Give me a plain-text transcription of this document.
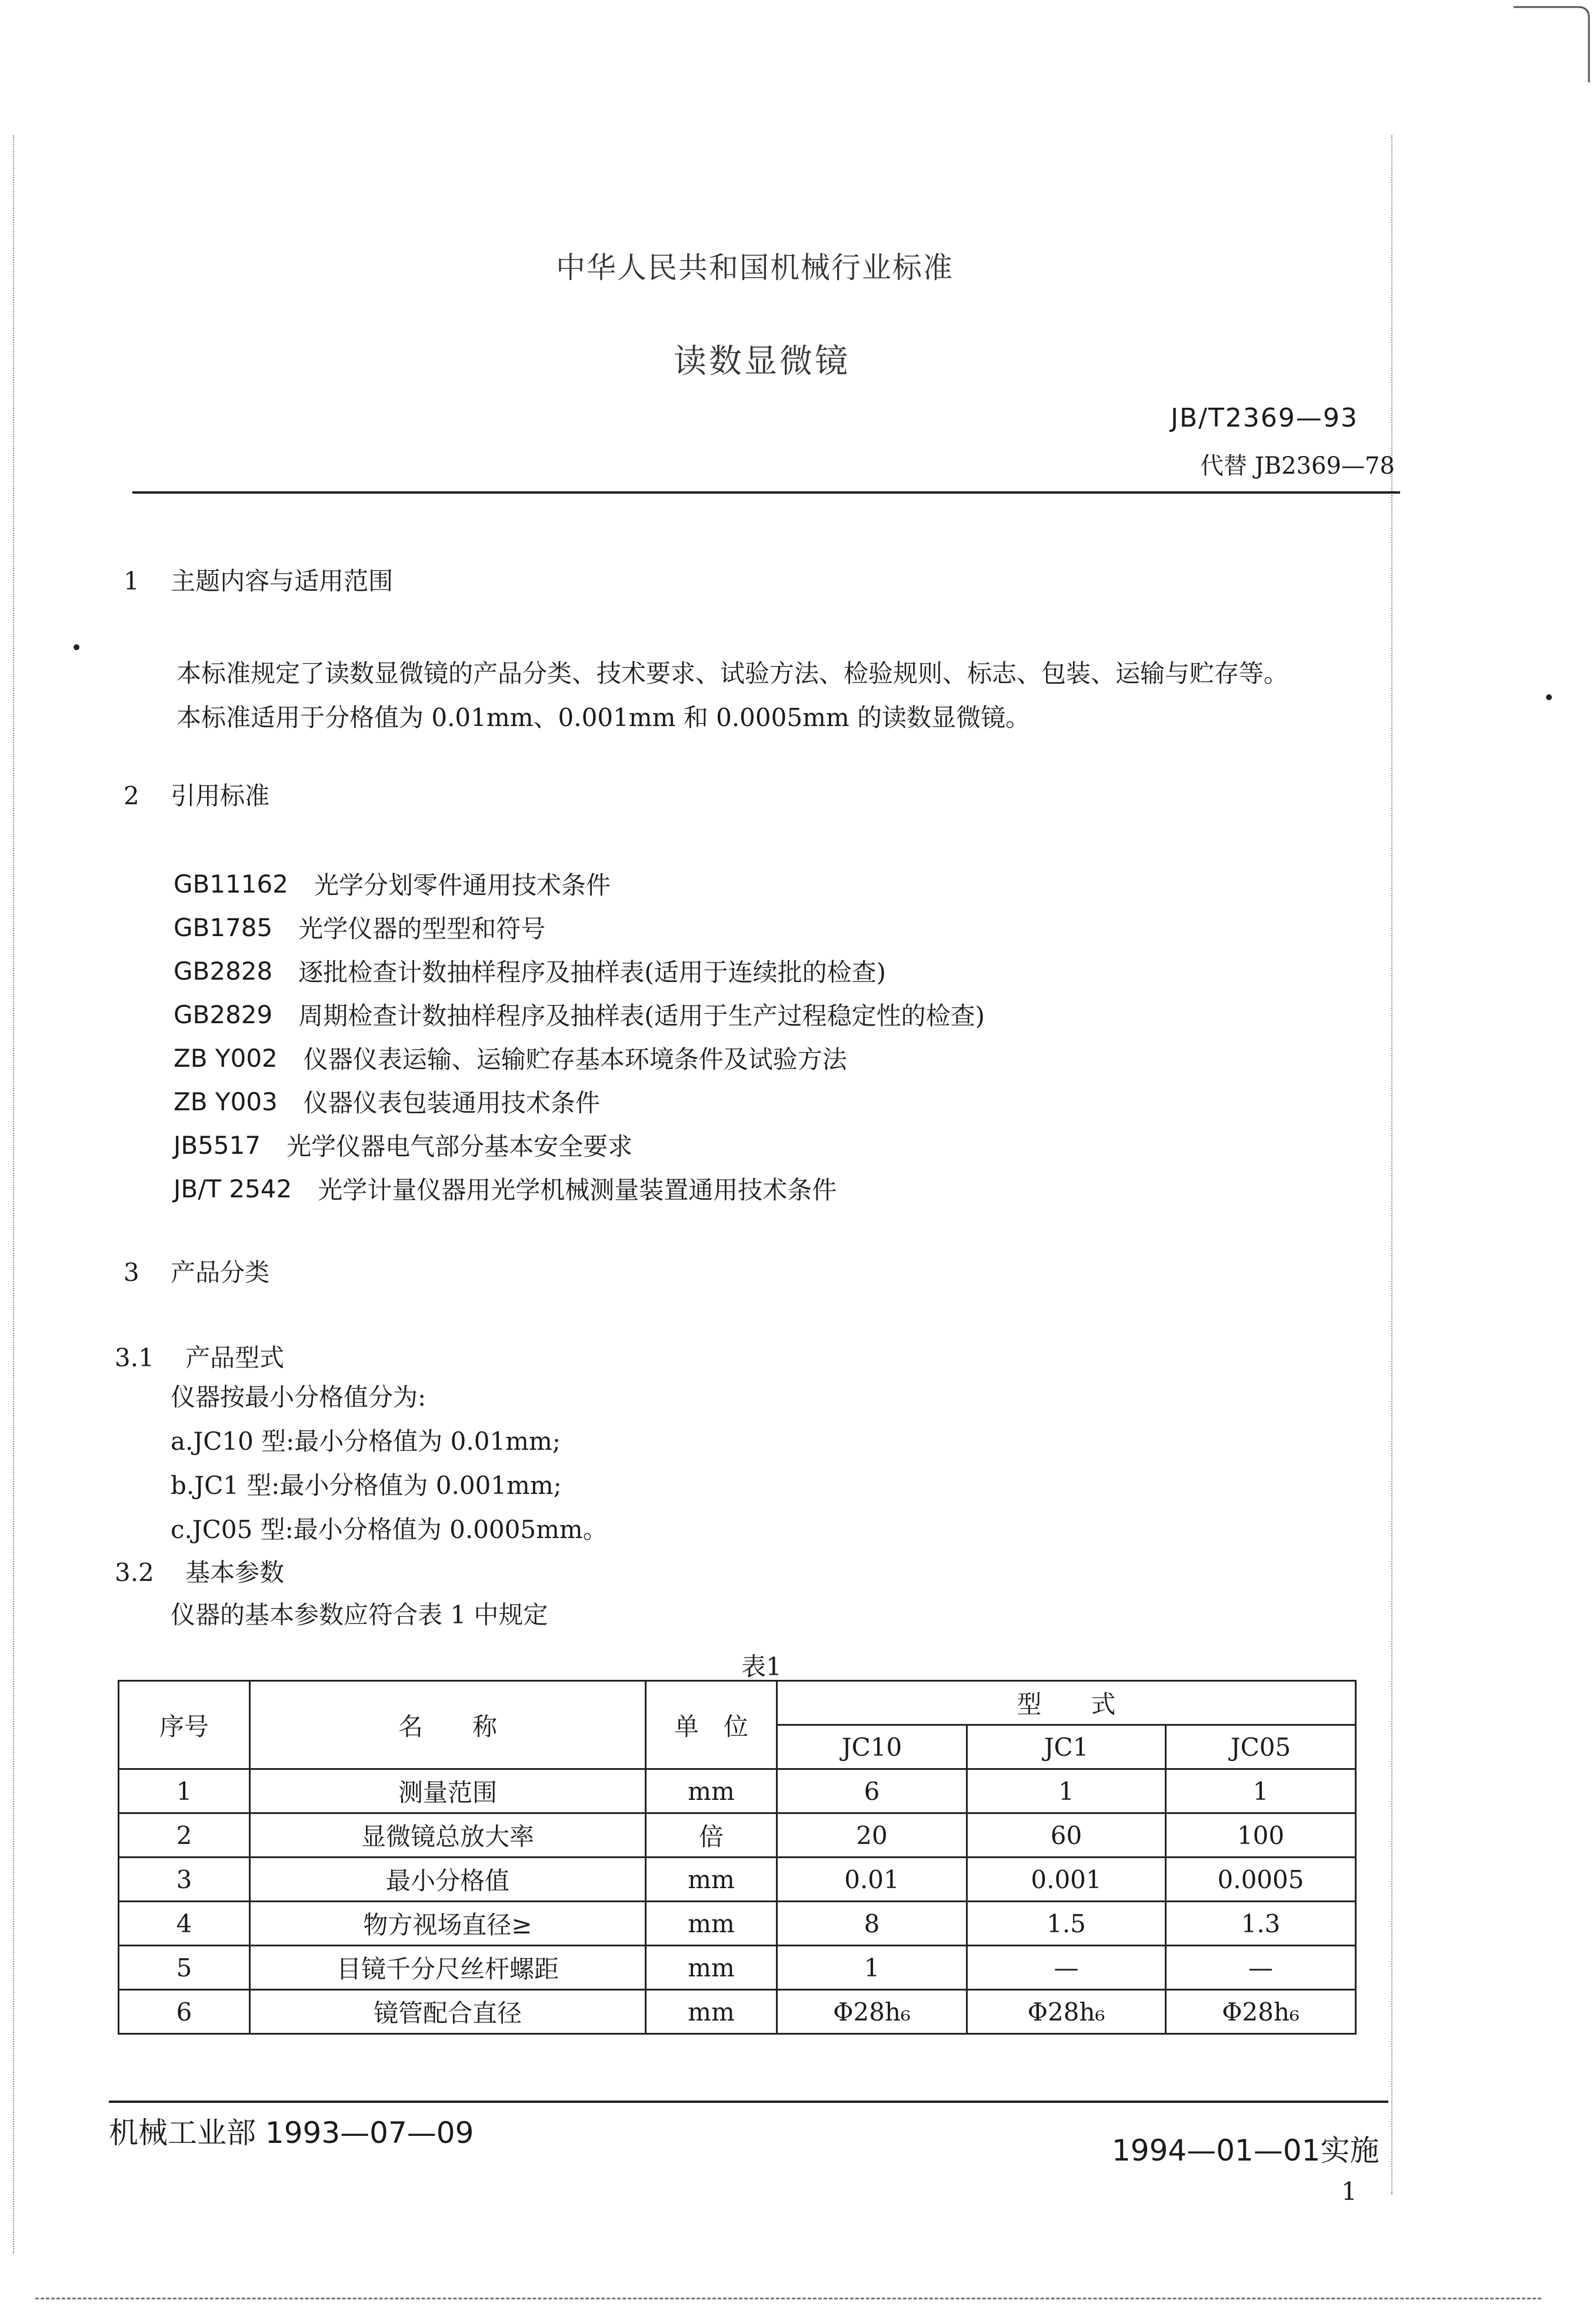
中华人民共和国机械行业标准
读数显微镜
JB/T2369—93
代替 JB2369—78
1 主题内容与适用范围
本标准规定了读数显微镜的产品分类、技术要求、试验方法、检验规则、标志、包装、运输与贮存等。
本标准适用于分格值为 0.01mm、0.001mm 和 0.0005mm 的读数显微镜。
2 引用标准
GB11162 光学分划零件通用技术条件
GB1785 光学仪器的型型和符号
GB2828 逐批检查计数抽样程序及抽样表(适用于连续批的检查)
GB2829 周期检查计数抽样程序及抽样表(适用于生产过程稳定性的检查)
ZB Y002 仪器仪表运输、运输贮存基本环境条件及试验方法
ZB Y003 仪器仪表包装通用技术条件
JB5517 光学仪器电气部分基本安全要求
JB/T 2542 光学计量仪器用光学机械测量装置通用技术条件
3 产品分类
3.1 产品型式
仪器按最小分格值分为:
a.JC10 型:最小分格值为 0.01mm;
b.JC1 型:最小分格值为 0.001mm;
c.JC05 型:最小分格值为 0.0005mm。
3.2 基本参数
仪器的基本参数应符合表 1 中规定
表1
序号	名　　称	单　位	型　　式		
			JC10	JC1	JC05
1	测量范围	mm	6	1	1
2	显微镜总放大率	倍	20	60	100
3	最小分格值	mm	0.01	0.001	0.0005
4	物方视场直径≥	mm	8	1.5	1.3
5	目镜千分尺丝杆螺距	mm	1	—	—
6	镜管配合直径	mm	Φ28h₆	Φ28h₆	Φ28h₆
机械工业部 1993—07—09
1994—01—01实施
1
